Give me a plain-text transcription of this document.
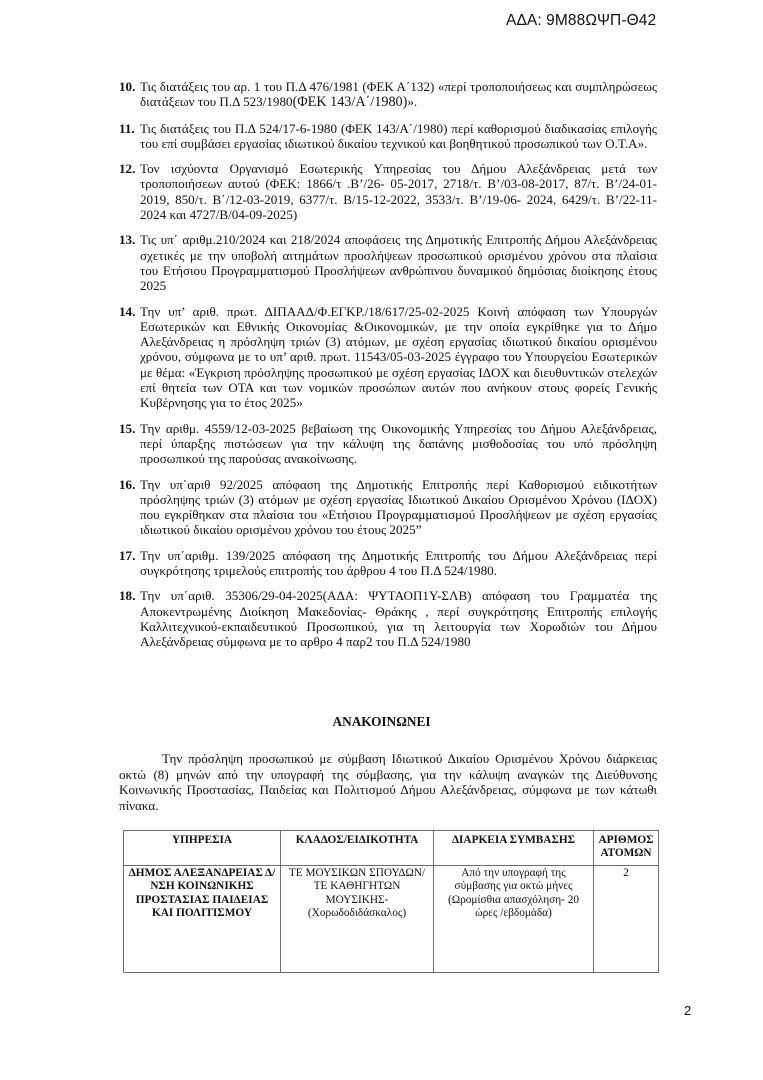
ΑΔΑ: 9Μ88ΩΨΠ-Θ42
10. Τις διατάξεις του αρ. 1 του Π.Δ 476/1981 (ΦΕΚ Α΄132) «περί τροποποιήσεως και συμπληρώσεως διατάξεων του Π.Δ 523/1980(ΦΕΚ 143/Α΄/1980)».
11. Τις διατάξεις του Π.Δ 524/17-6-1980 (ΦΕΚ 143/Α΄/1980) περί καθορισμού διαδικασίας επιλογής του επί συμβάσει εργασίας ιδιωτικού δικαίου τεχνικού και βοηθητικού προσωπικού των Ο.Τ.Α».
12. Τον ισχύοντα Οργανισμό Εσωτερικής Υπηρεσίας του Δήμου Αλεξάνδρειας μετά των τροποποιήσεων αυτού (ΦΕΚ: 1866/τ .Β’/26- 05-2017, 2718/τ. Β’/03-08-2017, 87/τ. Β’/24-01-2019, 850/τ. Β΄/12-03-2019, 6377/τ. Β/15-12-2022, 3533/τ. Β’/19-06- 2024, 6429/τ. Β’/22-11-2024 και 4727/Β/04-09-2025)
13. Τις υπ΄ αριθμ.210/2024 και 218/2024 αποφάσεις της Δημοτικής Επιτροπής Δήμου Αλεξάνδρειας σχετικές με την υποβολή αιτημάτων προσλήψεων προσωπικού ορισμένου χρόνου στα πλαίσια του Ετήσιου Προγραμματισμού Προσλήψεων ανθρώπινου δυναμικού δημόσιας διοίκησης έτους 2025
14. Την υπ’ αριθ. πρωτ. ΔΙΠΑΑΔ/Φ.ΕΓΚΡ./18/617/25-02-2025 Κοινή απόφαση των Υπουργών Εσωτερικών και Εθνικής Οικονομίας &Οικονομικών, με την οποία εγκρίθηκε για το Δήμο Αλεξάνδρειας η πρόσληψη τριών (3) ατόμων, με σχέση εργασίας ιδιωτικού δικαίου ορισμένου χρόνου, σύμφωνα με το υπ’ αριθ. πρωτ. 11543/05-03-2025 έγγραφο του Υπουργείου Εσωτερικών με θέμα: «Έγκριση πρόσληψης προσωπικού με σχέση εργασίας ΙΔΟΧ και διευθυντικών στελεχών επί θητεία των ΟΤΑ και των νομικών προσώπων αυτών που ανήκουν στους φορείς Γενικής Κυβέρνησης για το έτος 2025»
15. Την αριθμ. 4559/12-03-2025 βεβαίωση της Οικονομικής Υπηρεσίας του Δήμου Αλεξάνδρειας, περί ύπαρξης πιστώσεων για την κάλυψη της δαπάνης μισθοδοσίας του υπό πρόσληψη προσωπικού της παρούσας ανακοίνωσης.
16. Την υπ΄αριθ 92/2025 απόφαση της Δημοτικής Επιτροπής περί Καθορισμού ειδικοτήτων πρόσληψης τριών (3) ατόμων με σχέση εργασίας Ιδιωτικού Δικαίου Ορισμένου Χρόνου (ΙΔΟΧ) που εγκρίθηκαν στα πλαίσια του «Ετήσιου Προγραμματισμού Προσλήψεων με σχέση εργασίας ιδιωτικού δικαίου ορισμένου χρόνου του έτους 2025”
17. Την υπ΄αριθμ. 139/2025 απόφαση της Δημοτικής Επιτροπής του Δήμου Αλεξάνδρειας περί συγκρότησης τριμελούς επιτροπής του άρθρου 4 του Π.Δ 524/1980.
18. Την υπ΄αριθ. 35306/29-04-2025(ΑΔΑ: ΨΥΤΑΟΠ1Υ-ΣΛΒ) απόφαση του Γραμματέα της Αποκεντρωμένης Διοίκηση Μακεδονίας- Θράκης , περί συγκρότησης Επιτροπής επιλογής Καλλιτεχνικού-εκπαιδευτικού Προσωπικού, για τη λειτουργία των Χορωδιών του Δήμου Αλεξάνδρειας σύμφωνα με το αρθρο 4 παρ2 του Π.Δ 524/1980
ΑΝΑΚΟΙΝΩΝΕΙ
Την πρόσληψη προσωπικού με σύμβαση Ιδιωτικού Δικαίου Ορισμένου Χρόνου διάρκειας οκτώ (8) μηνών από την υπογραφή της σύμβασης, για την κάλυψη αναγκών της Διεύθυνσης Κοινωνικής Προστασίας, Παιδείας και Πολιτισμού Δήμου Αλεξάνδρειας, σύμφωνα με των κάτωθι πίνακα.
ΥΠΗΡΕΣΙΑ	ΚΛΑΔΟΣ/ΕΙΔΙΚΟΤΗΤΑ	ΔΙΑΡΚΕΙΑ ΣΥΜΒΑΣΗΣ	ΑΡΙΘΜΟΣ ΑΤΟΜΩΝ
ΔΗΜΟΣ ΑΛΕΞΑΝΔΡΕΙΑΣ Δ/ΝΣΗ ΚΟΙΝΩΝΙΚΗΣ ΠΡΟΣΤΑΣΙΑΣ ΠΑΙΔΕΙΑΣ ΚΑΙ ΠΟΛΙΤΙΣΜΟΥ	ΤΕ ΜΟΥΣΙΚΩΝ ΣΠΟΥΔΩΝ/ΤΕ ΚΑΘΗΓΗΤΩΝ ΜΟΥΣΙΚΗΣ- (Χορωδοδιδάσκαλος)	Από την υπογραφή της σύμβασης για οκτώ μήνες (Ωρομίσθια απασχόληση- 20 ώρες /εβδομάδα)	2
2
